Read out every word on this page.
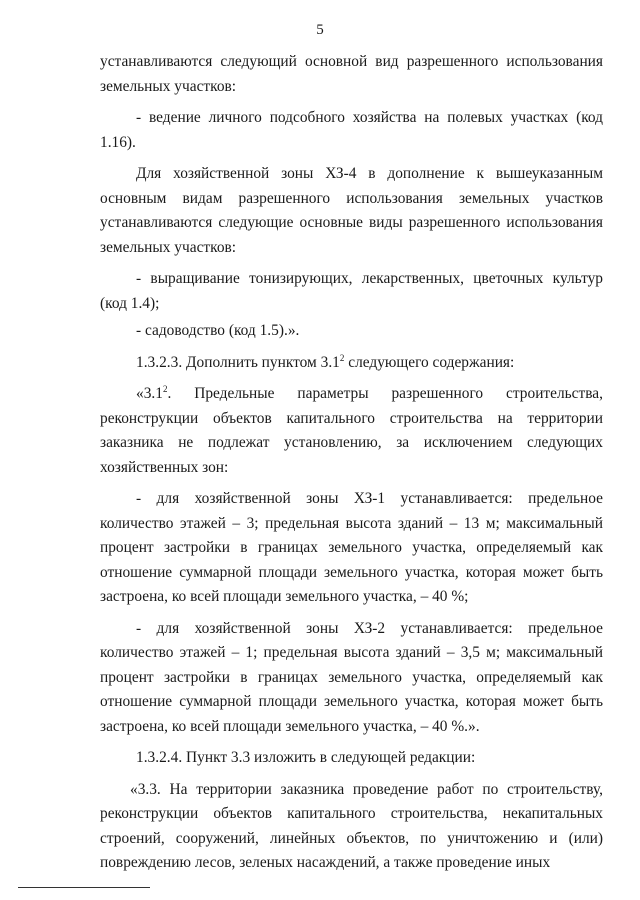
5

устанавливаются следующий основной вид разрешенного использования земельных участков:

- ведение личного подсобного хозяйства на полевых участках (код 1.16).

Для хозяйственной зоны ХЗ-4 в дополнение к вышеуказанным основным видам разрешенного использования земельных участков устанавливаются следующие основные виды разрешенного использования земельных участков:

- выращивание тонизирующих, лекарственных, цветочных культур (код 1.4);

- садоводство (код 1.5).».

1.3.2.3. Дополнить пунктом $3.1^2$ следующего содержания:

«$3.1^2$. Предельные параметры разрешенного строительства, реконструкции объектов капитального строительства на территории заказника не подлежат установлению, за исключением следующих хозяйственных зон:

- для хозяйственной зоны ХЗ-1 устанавливается: предельное количество этажей – 3; предельная высота зданий – 13 м; максимальный процент застройки в границах земельного участка, определяемый как отношение суммарной площади земельного участка, которая может быть застроена, ко всей площади земельного участка, – 40 %;

- для хозяйственной зоны ХЗ-2 устанавливается: предельное количество этажей – 1; предельная высота зданий – 3,5 м; максимальный процент застройки в границах земельного участка, определяемый как отношение суммарной площади земельного участка, которая может быть застроена, ко всей площади земельного участка, – 40 %.».

1.3.2.4. Пункт 3.3 изложить в следующей редакции:

«3.3. На территории заказника проведение работ по строительству, реконструкции объектов капитального строительства, некапитальных строений, сооружений, линейных объектов, по уничтожению и (или) повреждению лесов, зеленых насаждений, а также проведение иных
